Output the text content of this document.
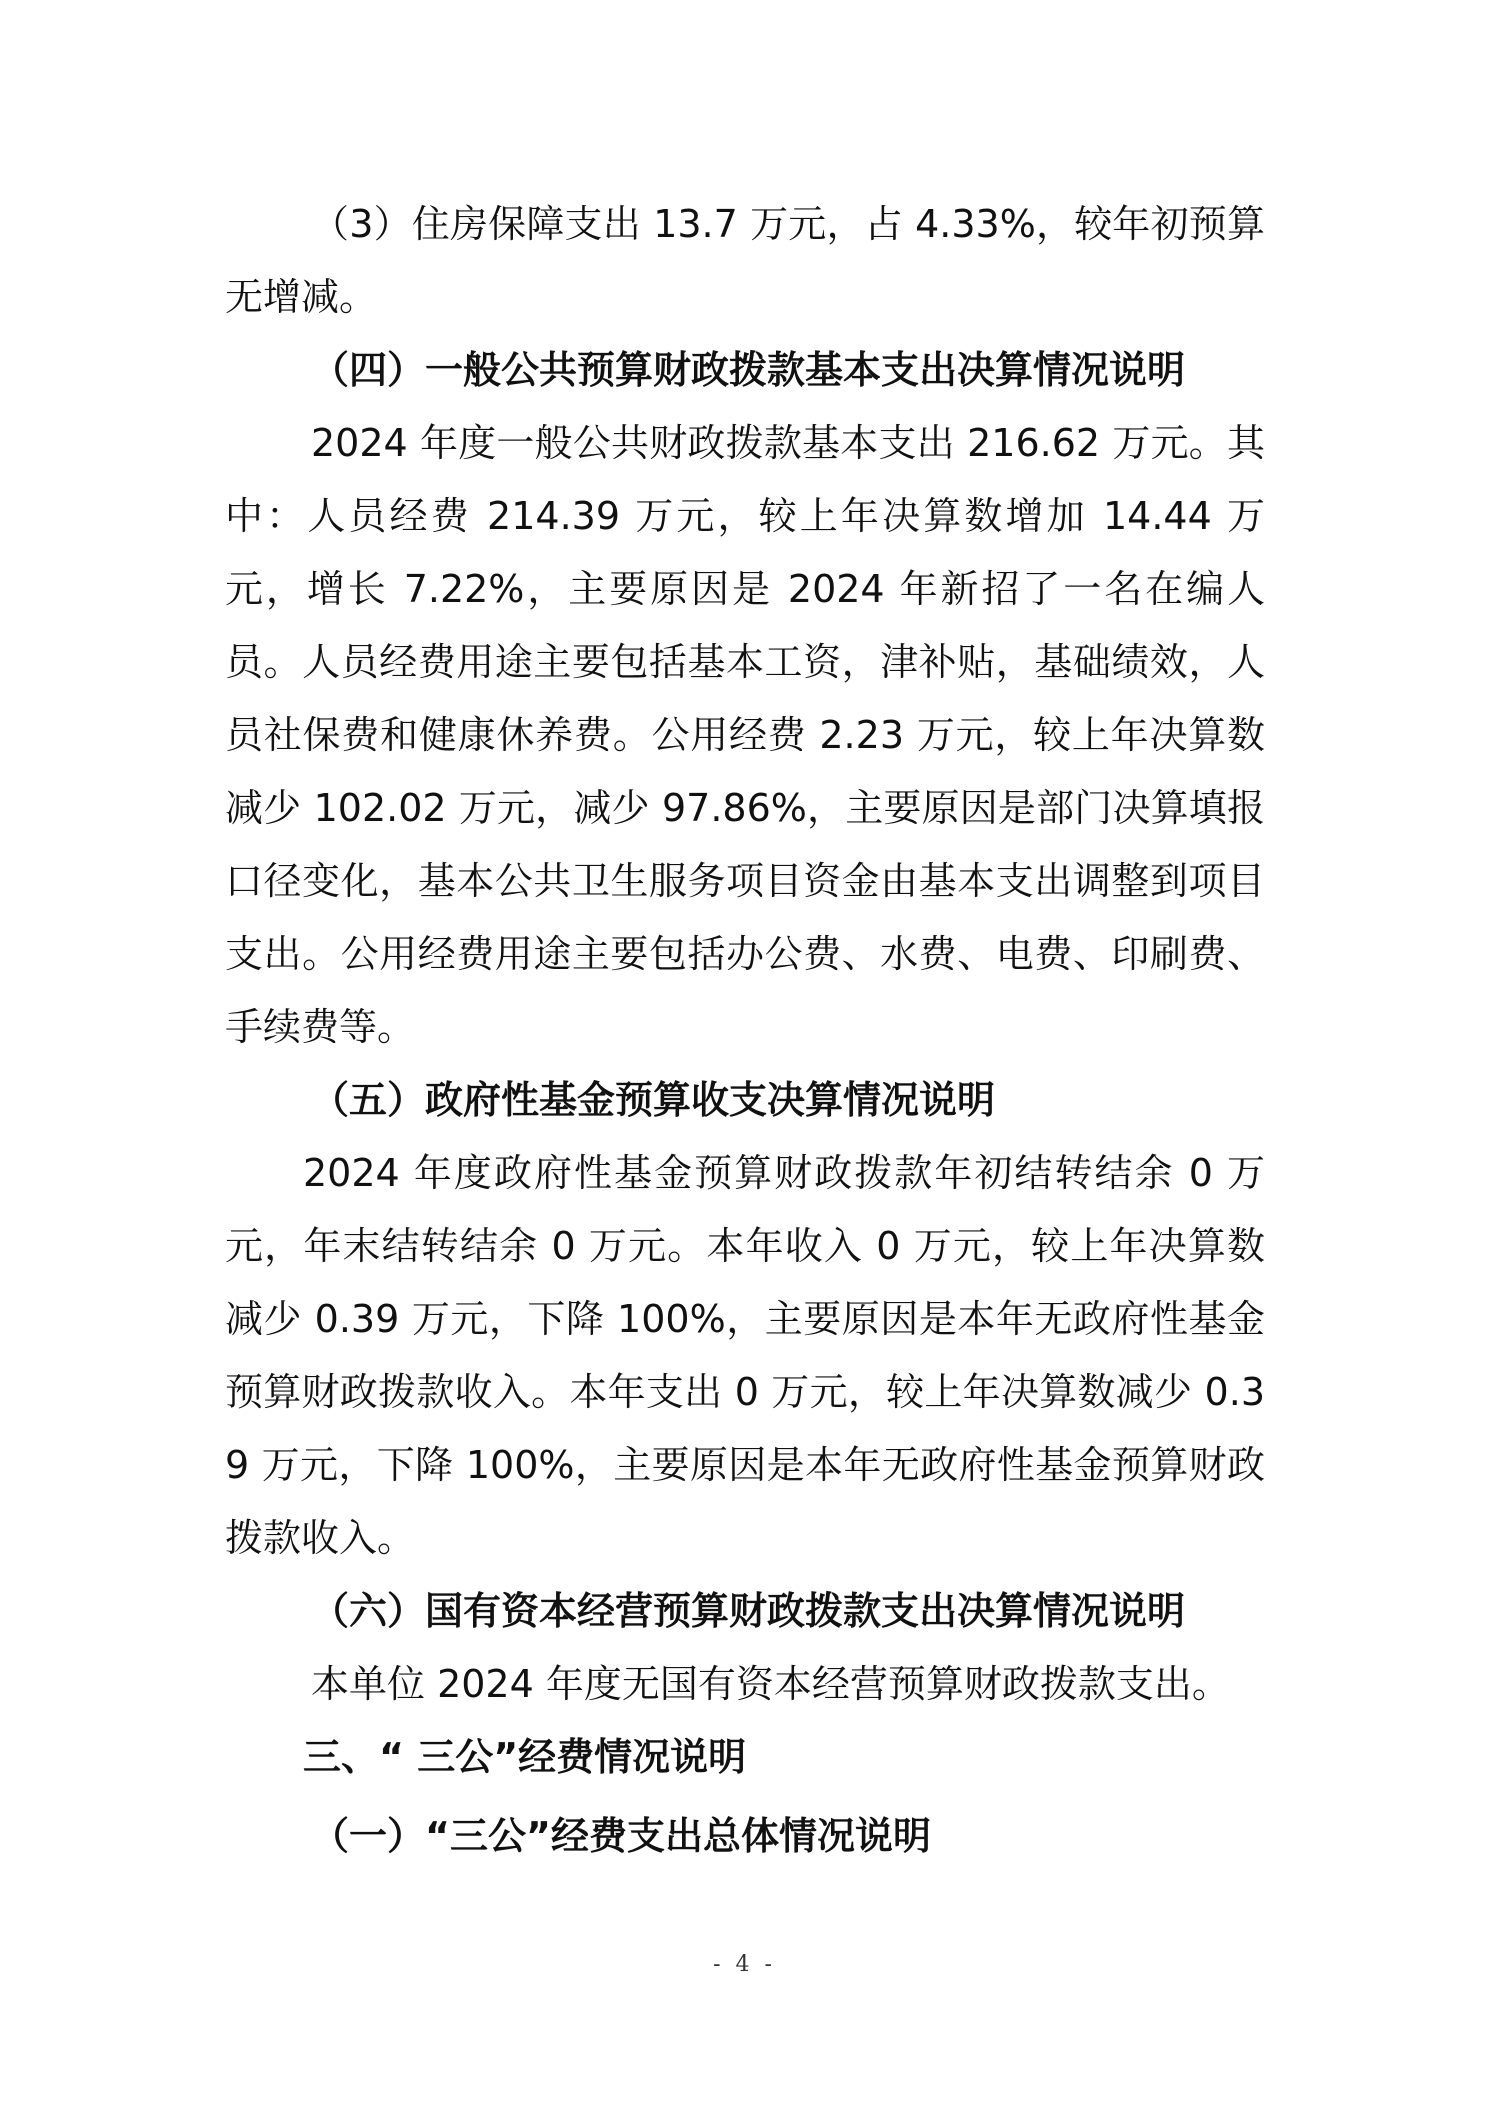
（3）住房保障支出 13.7 万元，占 4.33%，较年初预算无增减。

（四）一般公共预算财政拨款基本支出决算情况说明

2024 年度一般公共财政拨款基本支出 216.62 万元。其中：人员经费 214.39 万元，较上年决算数增加 14.44 万元，增长 7.22%，主要原因是 2024 年新招了一名在编人员。人员经费用途主要包括基本工资，津补贴，基础绩效，人员社保费和健康休养费。公用经费 2.23 万元，较上年决算数减少 102.02 万元，减少 97.86%，主要原因是部门决算填报口径变化，基本公共卫生服务项目资金由基本支出调整到项目支出。公用经费用途主要包括办公费、水费、电费、印刷费、手续费等。

（五）政府性基金预算收支决算情况说明

2024 年度政府性基金预算财政拨款年初结转结余 0 万元，年末结转结余 0 万元。本年收入 0 万元，较上年决算数减少 0.39 万元，下降 100%，主要原因是本年无政府性基金预算财政拨款收入。本年支出 0 万元，较上年决算数减少 0.39 万元，下降 100%，主要原因是本年无政府性基金预算财政拨款收入。

（六）国有资本经营预算财政拨款支出决算情况说明

本单位 2024 年度无国有资本经营预算财政拨款支出。

三、“ 三公”经费情况说明

（一）“三公”经费支出总体情况说明

- 4 -
